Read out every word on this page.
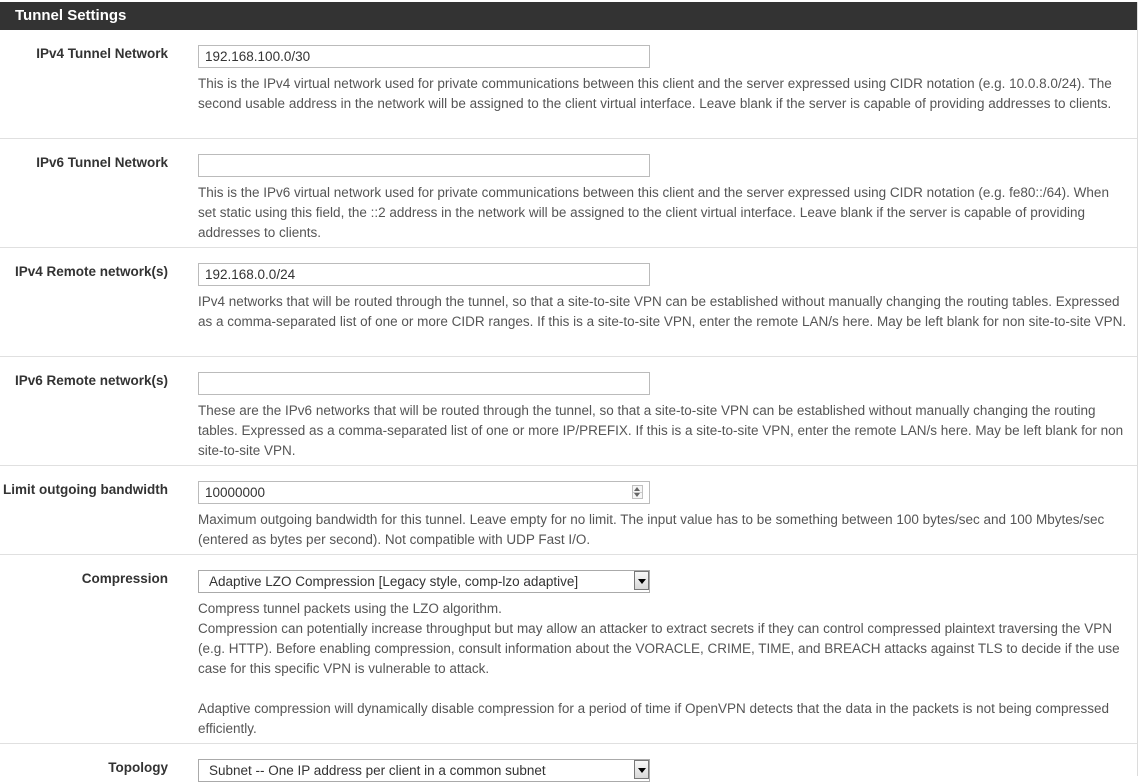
Tunnel Settings
IPv4 Tunnel Network
192.168.100.0/30
This is the IPv4 virtual network used for private communications between this client and the server expressed using CIDR notation (e.g. 10.0.8.0/24). The second usable address in the network will be assigned to the client virtual interface. Leave blank if the server is capable of providing addresses to clients.
IPv6 Tunnel Network
This is the IPv6 virtual network used for private communications between this client and the server expressed using CIDR notation (e.g. fe80::/64). When set static using this field, the ::2 address in the network will be assigned to the client virtual interface. Leave blank if the server is capable of providing addresses to clients.
IPv4 Remote network(s)
192.168.0.0/24
IPv4 networks that will be routed through the tunnel, so that a site-to-site VPN can be established without manually changing the routing tables. Expressed as a comma-separated list of one or more CIDR ranges. If this is a site-to-site VPN, enter the remote LAN/s here. May be left blank for non site-to-site VPN.
IPv6 Remote network(s)
These are the IPv6 networks that will be routed through the tunnel, so that a site-to-site VPN can be established without manually changing the routing tables. Expressed as a comma-separated list of one or more IP/PREFIX. If this is a site-to-site VPN, enter the remote LAN/s here. May be left blank for non site-to-site VPN.
Limit outgoing bandwidth
10000000
Maximum outgoing bandwidth for this tunnel. Leave empty for no limit. The input value has to be something between 100 bytes/sec and 100 Mbytes/sec (entered as bytes per second). Not compatible with UDP Fast I/O.
Compression	Adaptive LZO Compression [Legacy style, comp-lzo adaptive]

Compress tunnel packets using the LZO algorithm.

Compression can potentially increase throughput but may allow an attacker to extract secrets if they can control compressed plaintext traversing the VPN (e.g. HTTP). Before enabling compression, consult information about the VORACLE, CRIME, TIME, and BREACH attacks against TLS to decide if the use case for this specific VPN is vulnerable to attack.

Adaptive compression will dynamically disable compression for a period of time if OpenVPN detects that the data in the packets is not being compressed efficiently.

Topology	Subnet -- One IP address per client in a common subnet
